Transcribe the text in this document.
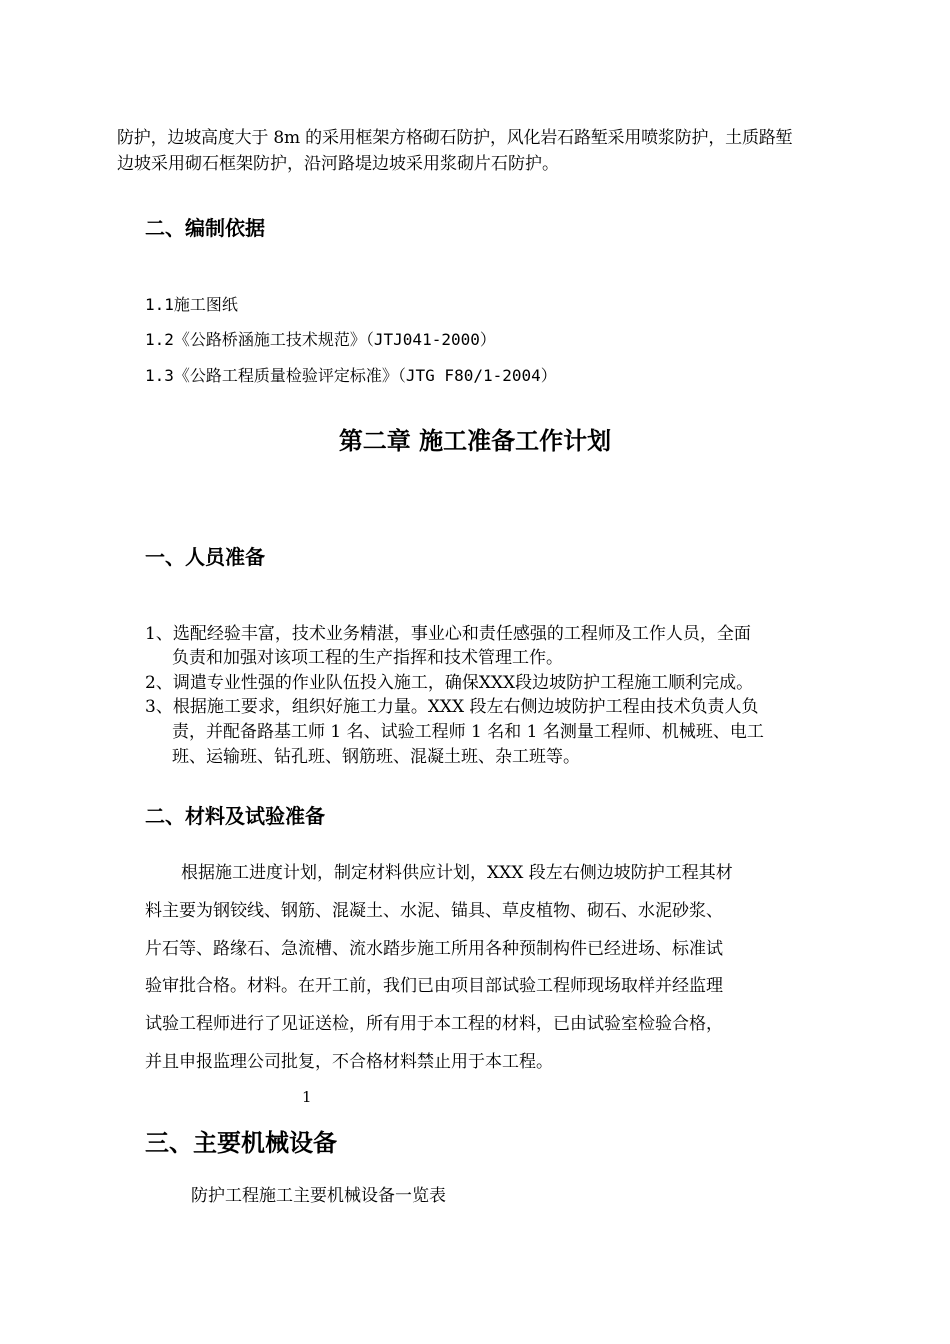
防护，边坡高度大于 8m 的采用框架方格砌石防护，风化岩石路堑采用喷浆防护，土质路堑

边坡采用砌石框架防护，沿河路堤边坡采用浆砌片石防护。

二、编制依据

1.1施工图纸

1.2《公路桥涵施工技术规范》（JTJ041-2000）

1.3《公路工程质量检验评定标准》（JTG F80/1-2004）

第二章 施工准备工作计划
一、人员准备

1、选配经验丰富，技术业务精湛，事业心和责任感强的工程师及工作人员，全面

负责和加强对该项工程的生产指挥和技术管理工作。

2、调遣专业性强的作业队伍投入施工，确保XXX段边坡防护工程施工顺利完成。

3、根据施工要求，组织好施工力量。XXX 段左右侧边坡防护工程由技术负责人负

责，并配备路基工师 1 名、试验工程师 1 名和 1 名测量工程师、机械班、电工

班、运输班、钻孔班、钢筋班、混凝土班、杂工班等。

二、材料及试验准备

根据施工进度计划，制定材料供应计划，XXX 段左右侧边坡防护工程其材

料主要为钢铰线、钢筋、混凝土、水泥、锚具、草皮植物、砌石、水泥砂浆、

片石等、路缘石、急流槽、流水踏步施工所用各种预制构件已经进场、标准试

验审批合格。材料。在开工前，我们已由项目部试验工程师现场取样并经监理

试验工程师进行了见证送检，所有用于本工程的材料，已由试验室检验合格，

并且申报监理公司批复，不合格材料禁止用于本工程。

1
三、主要机械设备

防护工程施工主要机械设备一览表
